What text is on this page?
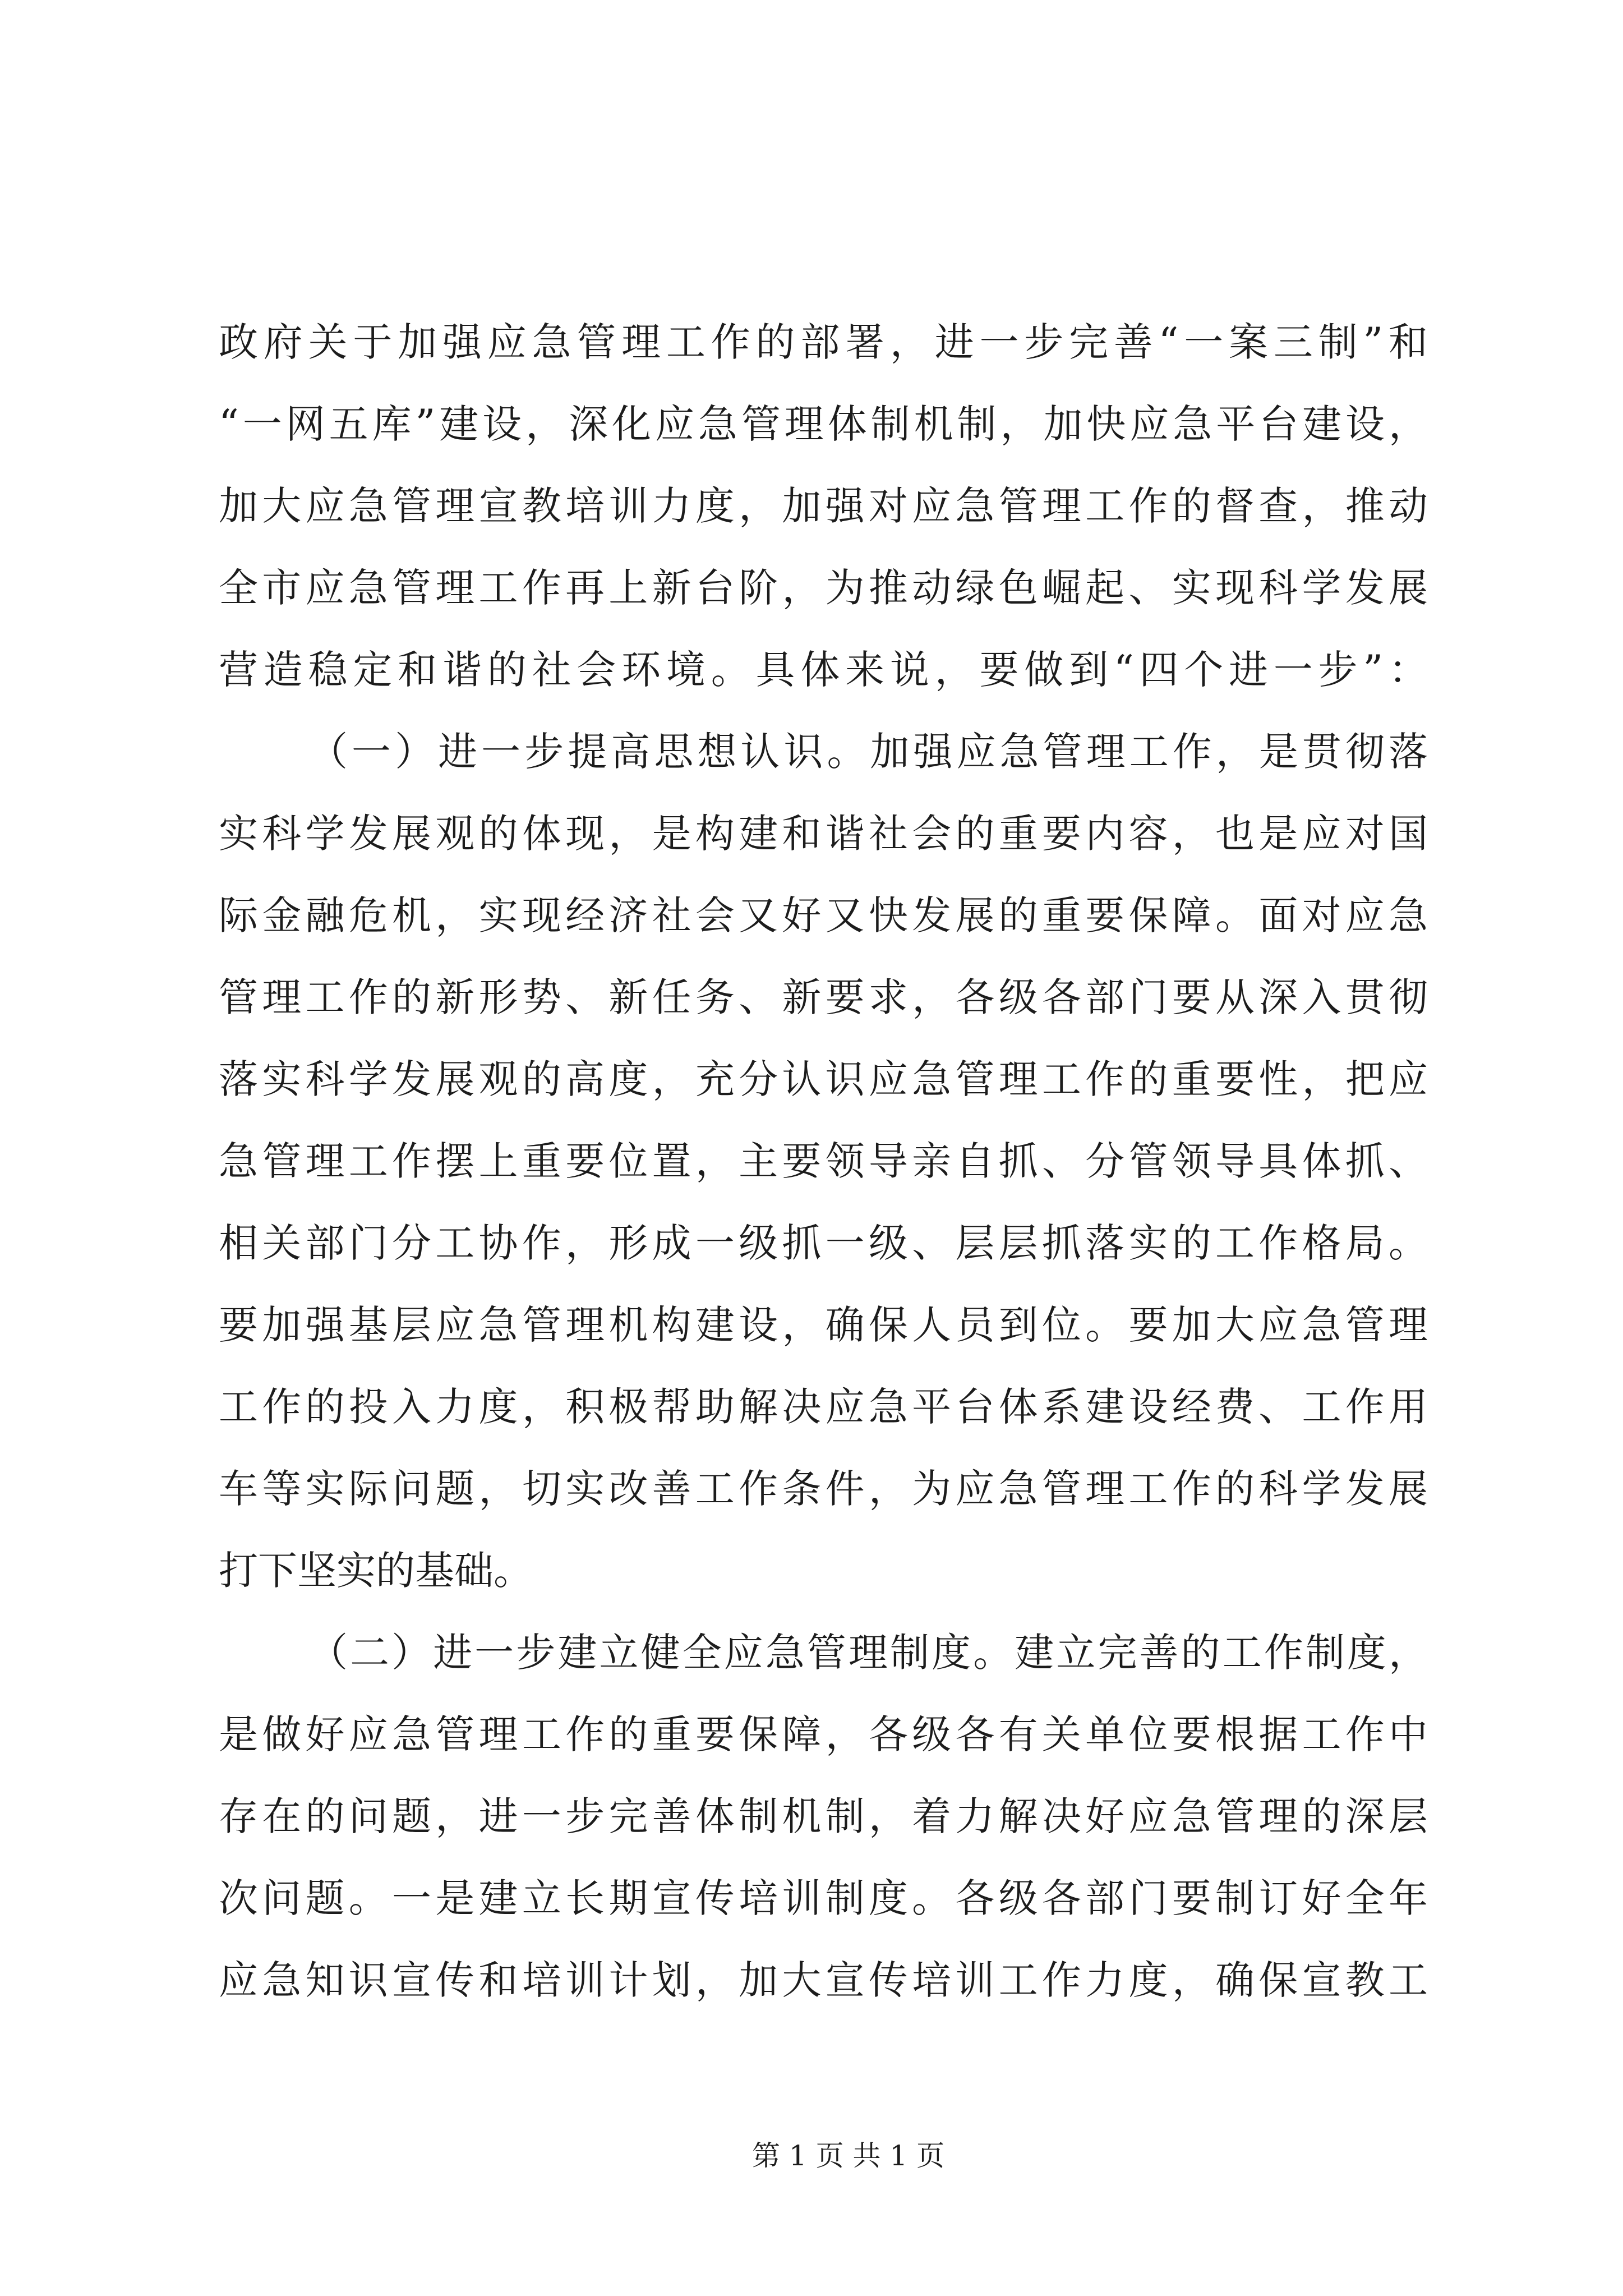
政府关于加强应急管理工作的部署，进一步完善“一案三制”和
“一网五库”建设，深化应急管理体制机制，加快应急平台建设，
加大应急管理宣教培训力度，加强对应急管理工作的督查，推动
全市应急管理工作再上新台阶，为推动绿色崛起、实现科学发展
营造稳定和谐的社会环境。具体来说，要做到“四个进一步”：
（一）进一步提高思想认识。加强应急管理工作，是贯彻落
实科学发展观的体现，是构建和谐社会的重要内容，也是应对国
际金融危机，实现经济社会又好又快发展的重要保障。面对应急
管理工作的新形势、新任务、新要求，各级各部门要从深入贯彻
落实科学发展观的高度，充分认识应急管理工作的重要性，把应
急管理工作摆上重要位置，主要领导亲自抓、分管领导具体抓、
相关部门分工协作，形成一级抓一级、层层抓落实的工作格局。
要加强基层应急管理机构建设，确保人员到位。要加大应急管理
工作的投入力度，积极帮助解决应急平台体系建设经费、工作用
车等实际问题，切实改善工作条件，为应急管理工作的科学发展
打下坚实的基础。
（二）进一步建立健全应急管理制度。建立完善的工作制度，
是做好应急管理工作的重要保障，各级各有关单位要根据工作中
存在的问题，进一步完善体制机制，着力解决好应急管理的深层
次问题。一是建立长期宣传培训制度。各级各部门要制订好全年
应急知识宣传和培训计划，加大宣传培训工作力度，确保宣教工
第 1 页 共 1 页
